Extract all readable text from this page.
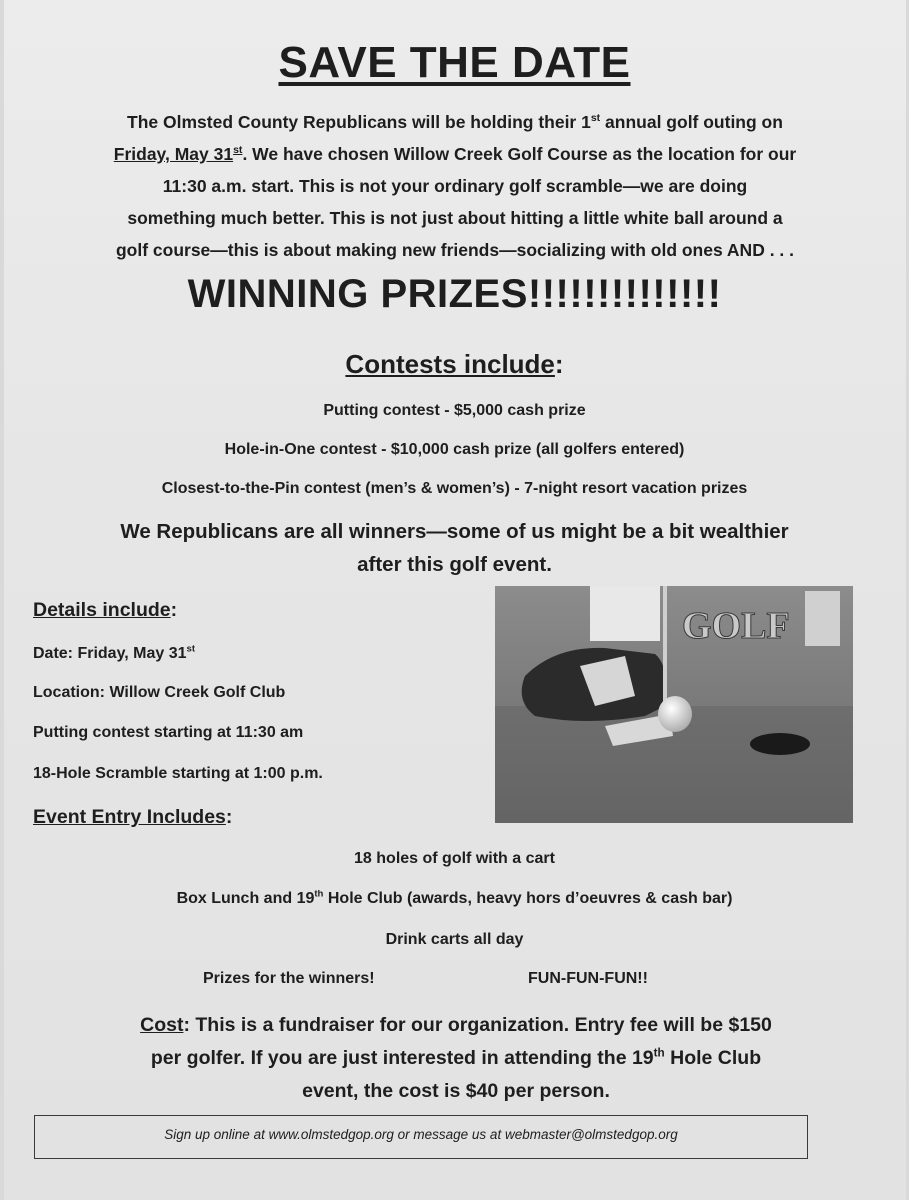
SAVE THE DATE
The Olmsted County Republicans will be holding their 1st annual golf outing on
Friday, May 31st. We have chosen Willow Creek Golf Course as the location for our
11:30 a.m. start. This is not your ordinary golf scramble—we are doing
something much better. This is not just about hitting a little white ball around a
golf course—this is about making new friends—socializing with old ones AND . . .
WINNING PRIZES!!!!!!!!!!!!!!
Contests include:
Putting contest - $5,000 cash prize
Hole-in-One contest - $10,000 cash prize (all golfers entered)
Closest-to-the-Pin contest (men’s & women’s) - 7-night resort vacation prizes
We Republicans are all winners—some of us might be a bit wealthier
after this golf event.
Details include:
Date: Friday, May 31st
Location: Willow Creek Golf Club
Putting contest starting at 11:30 am
18-Hole Scramble starting at 1:00 p.m.
GOLF
Event Entry Includes:
18 holes of golf with a cart
Box Lunch and 19th Hole Club (awards, heavy hors d’oeuvres & cash bar)
Drink carts all day
Prizes for the winners!	FUN-FUN-FUN!!
Cost: This is a fundraiser for our organization. Entry fee will be $150
per golfer. If you are just interested in attending the 19th Hole Club
event, the cost is $40 per person.
Sign up online at www.olmstedgop.org or message us at webmaster@olmstedgop.org
